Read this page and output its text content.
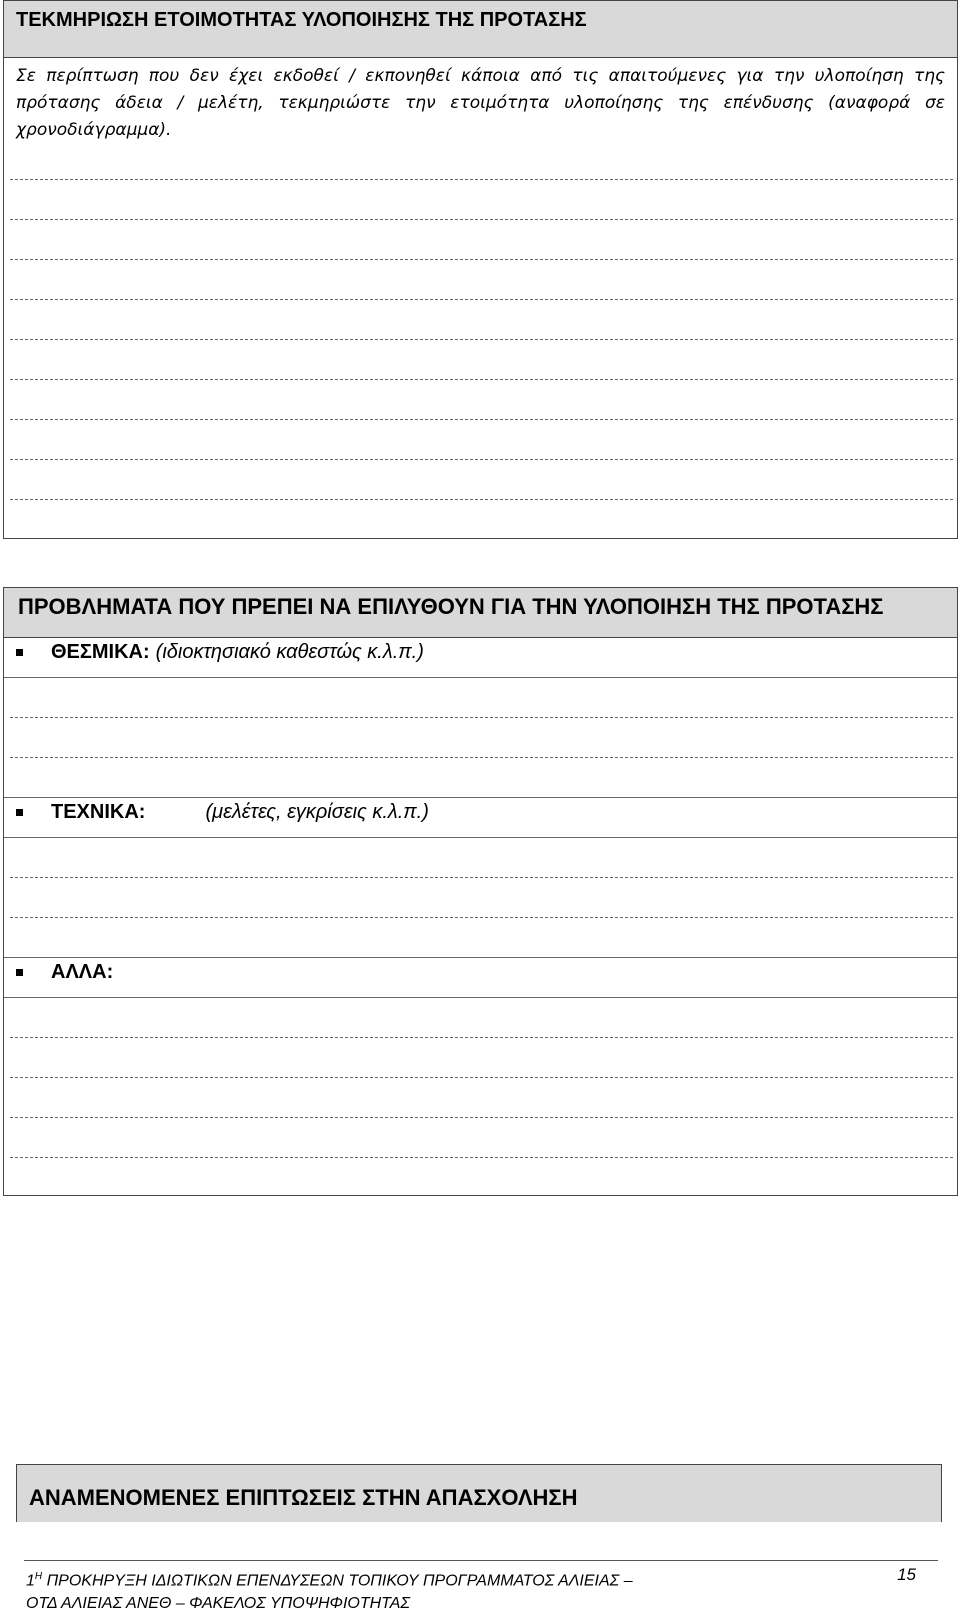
ΤΕΚΜΗΡΙΩΣΗ ΕΤΟΙΜΟΤΗΤΑΣ ΥΛΟΠΟΙΗΣΗΣ ΤΗΣ ΠΡΟΤΑΣΗΣ
Σε περίπτωση που δεν έχει εκδοθεί / εκπονηθεί κάποια από τις απαιτούμενες για την υλοποίηση της πρότασης άδεια / μελέτη, τεκμηριώστε την ετοιμότητα υλοποίησης της επένδυσης (αναφορά σε χρονοδιάγραμμα).
ΠΡΟΒΛΗΜΑΤΑ ΠΟΥ ΠΡΕΠΕΙ ΝΑ ΕΠΙΛΥΘΟΥΝ ΓΙΑ ΤΗΝ ΥΛΟΠΟΙΗΣΗ ΤΗΣ ΠΡΟΤΑΣΗΣ
ΘΕΣΜΙΚΑ: (ιδιοκτησιακό καθεστώς κ.λ.π.)
ΤΕΧΝΙΚΑ:	(μελέτες, εγκρίσεις κ.λ.π.)
ΑΛΛΑ:
ΑΝΑΜΕΝΟΜΕΝΕΣ ΕΠΙΠΤΩΣΕΙΣ ΣΤΗΝ ΑΠΑΣΧΟΛΗΣΗ
$1^H$ ΠΡΟΚΗΡΥΞΗ ΙΔΙΩΤΙΚΩΝ ΕΠΕΝΔΥΣΕΩΝ ΤΟΠΙΚΟΥ ΠΡΟΓΡΑΜΜΑΤΟΣ ΑΛΙΕΙΑΣ –
ΟΤΔ ΑΛΙΕΙΑΣ ΑΝΕΘ – ΦΑΚΕΛΟΣ ΥΠΟΨΗΦΙΟΤΗΤΑΣ
15
